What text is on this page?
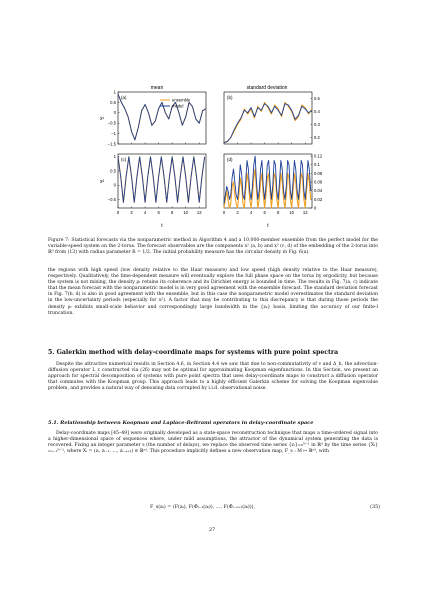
mean	standard deviation
(a)	(b)
(c)	(d)
x¹
x²
t	t
1
0.5
0
−0.5
−1
−1.5
0.5
0.4
0.3
0.2
1
0.5
0
−0.5
0	2	4	6	8 10 12
0.12
0.1
0.08
0.06
0.04
0.02
0
0	2	4	6	8 10 12
ensemble
model

Figure 7: Statistical forecasts via the nonparametric method in Algorithm 4 and a 10,000-member ensemble from the perfect model for the variable-speed system on the 2-torus. The forecast observables are the components x¹ (a, b) and x² (c, d) of the embedding of the 2-torus into ℝ³ from (13) with radius parameter R = 1/2. The initial probability measure has the circular density in Fig. 6(a).

the regions with high speed (low density relative to the Haar measure) and low speed (high density relative to the Haar measure), respectively. Qualitatively, the time-dependent measure will eventually explore the full phase space on the torus by ergodicity, but because the system is not mixing, the density ρₜ retains its coherence and its Dirichlet energy is bounded in time. The results in Fig. 7(a, c) indicate that the mean forecast with the nonparametric model is in very good agreement with the ensemble forecast. The standard deviation forecast in Fig. 7(b, d) is also in good agreement with the ensemble, but in this case the nonparametric model overestimates the standard deviation in the low-uncertainty periods (especially for x²). A factor that may be contributing to this discrepancy is that during those periods the density ρₜ exhibits small-scale behavior and correspondingly large bandwidth in the {zₖ} basis, limiting the accuracy of our finite-l truncation.

5. Galerkin method with delay-coordinate maps for systems with pure point spectra

Despite the attractive numerical results in Section 4.6, in Section 4.4 we saw that due to non-commutativity of v and Δ_h, the advection-diffusion operator L_ε constructed via (26) may not be optimal for approximating Koopman eigenfunctions. In this Section, we present an approach for spectral decomposition of systems with pure point spectra that uses delay-coordinate maps to construct a diffusion operator that commutes with the Koopman group. This approach leads to a highly efficient Galerkin scheme for solving the Koopman eigenvalue problem, and provides a natural way of denoising data corrupted by i.i.d. observational noise.

5.1. Relationship between Koopman and Laplace-Beltrami operators in delay-coordinate space

Delay-coordinate maps [45–49] were originally developed as a state-space reconstruction technique that maps a time-ordered signal into a higher-dimensional space of sequences where, under mild assumptions, the attractor of the dynamical system generating the data is recovered. Fixing an integer parameter s (the number of delays), we replace the observed time series {zᵢ}ᵢ₌₀ᴺ⁻¹ in ℝᵈ by the time series {Xᵢ}ᵢ₌ₛ₋₁ᴺ⁻¹, where Xᵢ = (zᵢ, zᵢ₋₁, …, zᵢ₋ₛ₊₁) ∈ ℝˢᵈ. This procedure implicitly defines a new observation map, F_s : M ↦ ℝˢᵈ, with

F_s(aᵢ) = (F(aᵢ), F(Φ̂ᵢ₋₁(aᵢ)), …, F(Φ̂ᵢ₋ₛ₊₁(aᵢ))),	(35)
27
